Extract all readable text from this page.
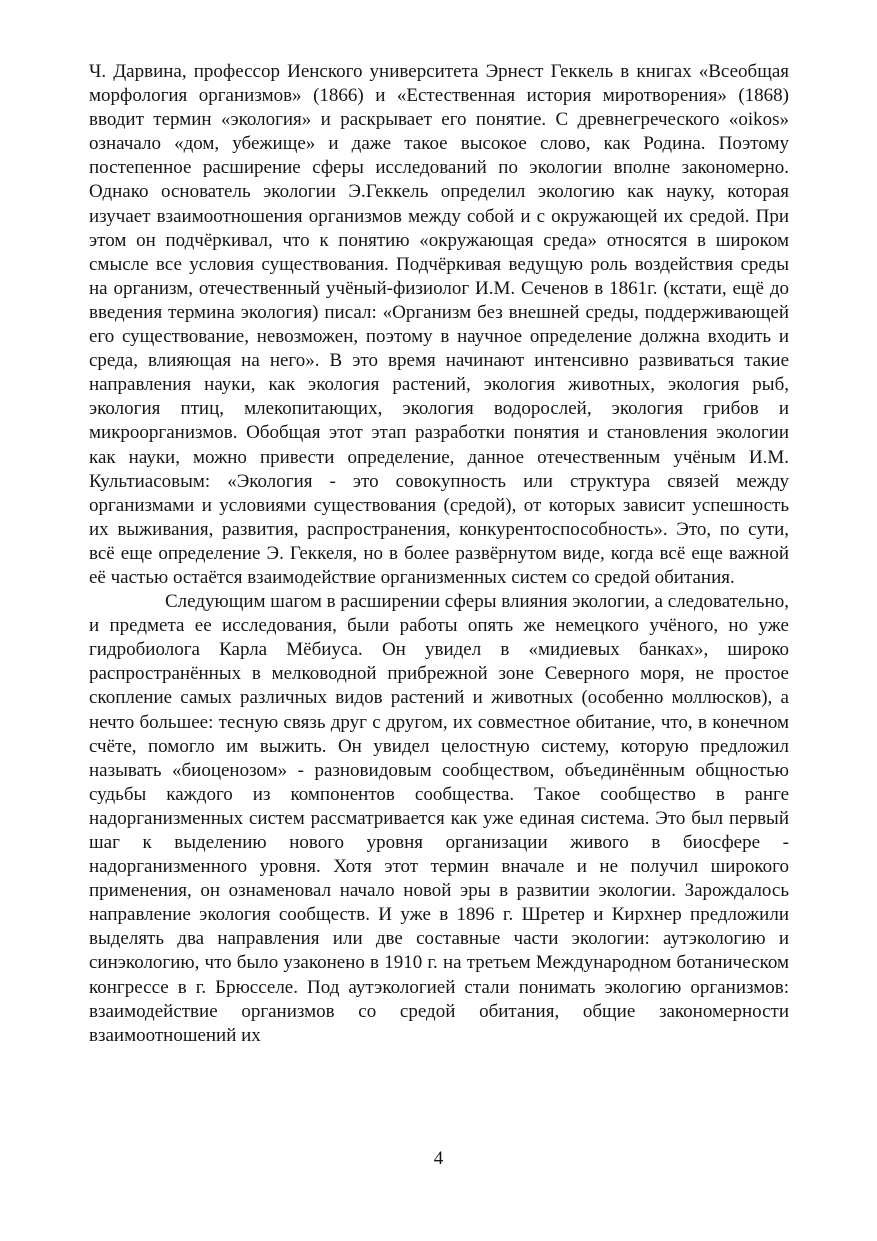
Ч. Дарвина, профессор Иенского университета Эрнест Геккель в книгах «Всеобщая морфология организмов» (1866) и «Естественная история миротворения» (1868) вводит термин «экология» и раскрывает его понятие. С древнегреческого «oikos» означало «дом, убежище» и даже такое высокое слово, как Родина. Поэтому постепенное расширение сферы исследований по экологии вполне закономерно. Однако основатель экологии Э.Геккель определил экологию как науку, которая изучает взаимоотношения организмов между собой и с окружающей их средой. При этом он подчёркивал, что к понятию «окружающая среда» относятся в широком смысле все условия существования. Подчёркивая ведущую роль воздействия среды на организм, отечественный учёный-физиолог И.М. Сеченов в 1861г. (кстати, ещё до введения термина экология) писал: «Организм без внешней среды, поддерживающей его существование, невозможен, поэтому в научное определение должна входить и среда, влияющая на него». В это время начинают интенсивно развиваться такие направления науки, как экология растений, экология животных, экология рыб, экология птиц, млекопитающих, экология водорослей, экология грибов и микроорганизмов. Обобщая этот этап разработки понятия и становления экологии как науки, можно привести определение, данное отечественным учёным И.М. Культиасовым: «Экология - это совокупность или структура связей между организмами и условиями существования (средой), от которых зависит успешность их выживания, развития, распространения, конкурентоспособность». Это, по сути, всё еще определение Э. Геккеля, но в более развёрнутом виде, когда всё еще важной её частью остаётся взаимодействие организменных систем со средой обитания.

Следующим шагом в расширении сферы влияния экологии, а следовательно, и предмета ее исследования, были работы опять же немецкого учёного, но уже гидробиолога Карла Мёбиуса. Он увидел в «мидиевых банках», широко распространённых в мелководной прибрежной зоне Северного моря, не простое скопление самых различных видов растений и животных (особенно моллюсков), а нечто большее: тесную связь друг с другом, их совместное обитание, что, в конечном счёте, помогло им выжить. Он увидел целостную систему, которую предложил называть «биоценозом» - разновидовым сообществом, объединённым общностью судьбы каждого из компонентов сообщества. Такое сообщество в ранге надорганизменных систем рассматривается как уже единая система. Это был первый шаг к выделению нового уровня организации живого в биосфере - надорганизменного уровня. Хотя этот термин вначале и не получил широкого применения, он ознаменовал начало новой эры в развитии экологии. Зарождалось направление экология сообществ. И уже в 1896 г. Шретер и Кирхнер предложили выделять два направления или две составные части экологии: аутэкологию и синэкологию, что было узаконено в 1910 г. на третьем Международном ботаническом конгрессе в г. Брюсселе. Под аутэкологией стали понимать экологию организмов: взаимодействие организмов со средой обитания, общие закономерности взаимоотношений их

4
